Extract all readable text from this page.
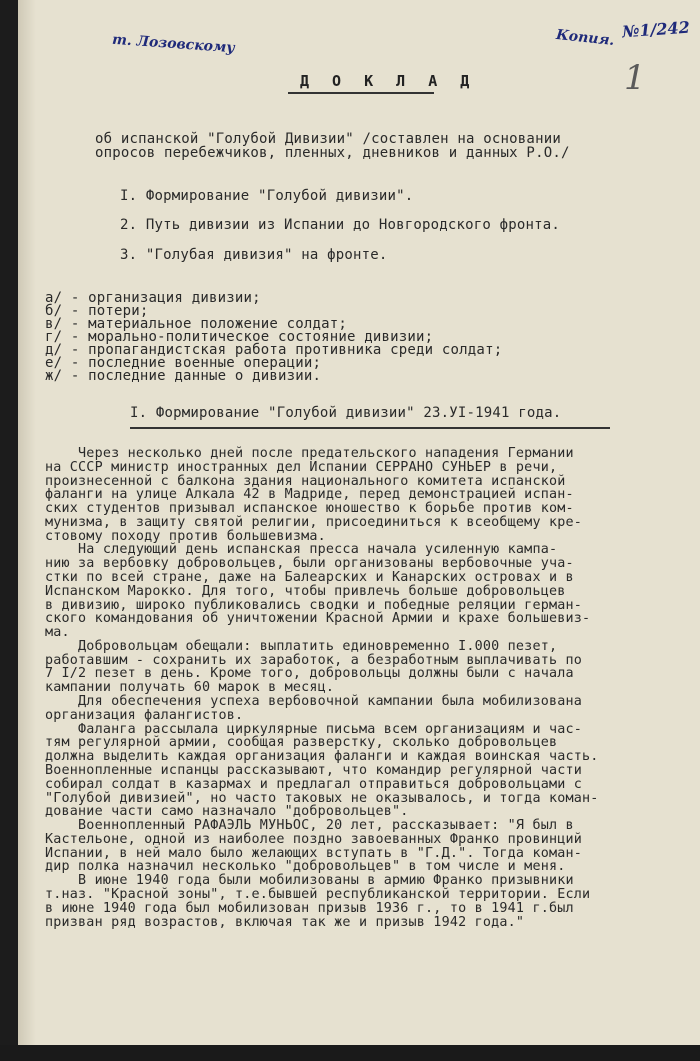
т. Лозовскому	Копия. №1/242
1
Д О К Л А Д
об испанской "Голубой Дивизии" /составлен на основании
опросов перебежчиков, пленных, дневников и данных Р.О./
I. Формирование "Голубой дивизии".
2. Путь дивизии из Испании до Новгородского фронта.
3. "Голубая дивизия" на фронте.
а/ - организация дивизии;
б/ - потери;
в/ - материальное положение солдат;
г/ - морально-политическое состояние дивизии;
д/ - пропагандистская работа противника среди солдат;
е/ - последние военные операции;
ж/ - последние данные о дивизии.
I. Формирование "Голубой дивизии" 23.УI-1941 года.
Через несколько дней после предательского нападения Германии
на СССР министр иностранных дел Испании СЕРРАНО СУНЬЕР в речи,
произнесенной с балкона здания национального комитета испанской
фаланги на улице Алкала 42 в Мадриде, перед демонстрацией испан-
ских студентов призывал испанское юношество к борьбе против ком-
мунизма, в защиту святой религии, присоединиться к всеобщему кре-
стовому походу против большевизма.
На следующий день испанская пресса начала усиленную кампа-
нию за вербовку добровольцев, были организованы вербовочные уча-
стки по всей стране, даже на Балеарских и Канарских островах и в
Испанском Марокко. Для того, чтобы привлечь больше добровольцев
в дивизию, широко публиковались сводки и победные реляции герман-
ского командования об уничтожении Красной Армии и крахе большевиз-
ма.
Добровольцам обещали: выплатить единовременно I.000 пезет,
работавшим - сохранить их заработок, а безработным выплачивать по
7 I/2 пезет в день. Кроме того, добровольцы должны были с начала
кампании получать 60 марок в месяц.
Для обеспечения успеха вербовочной кампании была мобилизована
организация фалангистов.
Фаланга рассылала циркулярные письма всем организациям и час-
тям регулярной армии, сообщая разверстку, сколько добровольцев
должна выделить каждая организация фаланги и каждая воинская часть.
Военнопленные испанцы рассказывают, что командир регулярной части
собирал солдат в казармах и предлагал отправиться добровольцами с
"Голубой дивизией", но часто таковых не оказывалось, и тогда коман-
дование части само назначало "добровольцев".
Военнопленный РАФАЭЛЬ МУНЬОС, 20 лет, рассказывает: "Я был в
Кастельоне, одной из наиболее поздно завоеванных Франко провинций
Испании, в ней мало было желающих вступать в "Г.Д.". Тогда коман-
дир полка назначил несколько "добровольцев" в том числе и меня.
В июне 1940 года были мобилизованы в армию Франко призывники
т.наз. "Красной зоны", т.е.бывшей республиканской территории. Если
в июне 1940 года был мобилизован призыв 1936 г., то в 1941 г.был
призван ряд возрастов, включая так же и призыв 1942 года."
